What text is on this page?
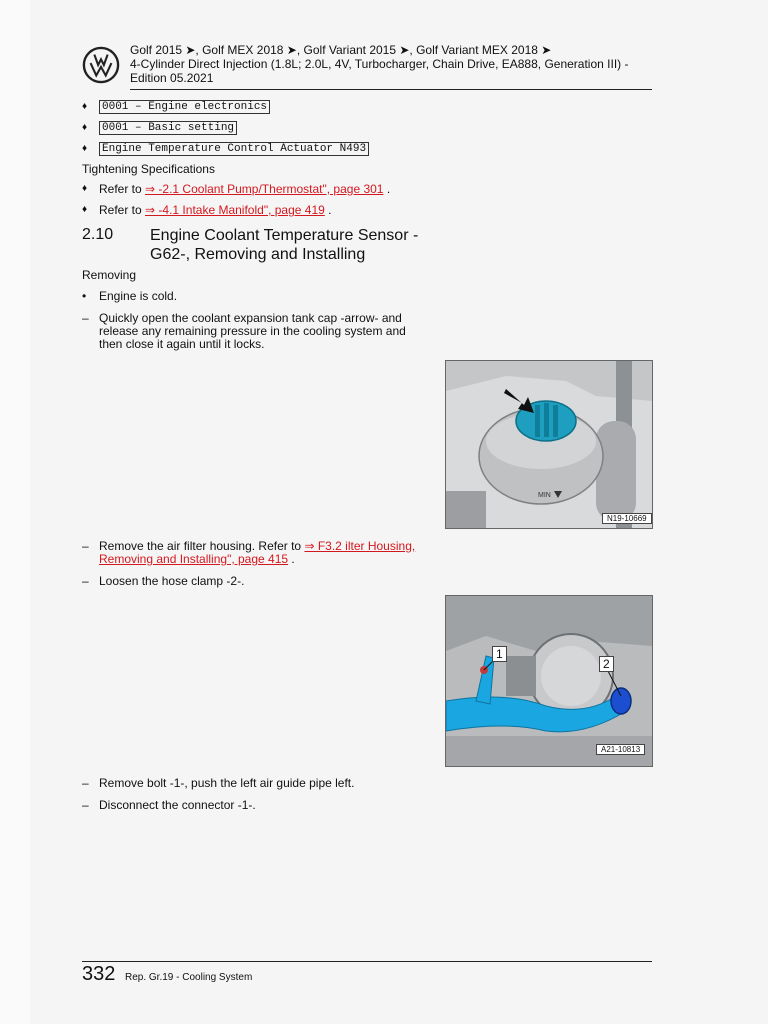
Golf 2015 ➤, Golf MEX 2018 ➤, Golf Variant 2015 ➤, Golf Variant MEX 2018 ➤
4-Cylinder Direct Injection (1.8L; 2.0L, 4V, Turbocharger, Chain Drive, EA888, Generation III) -
Edition 05.2021
♦	0001 – Engine electronics
♦	0001 – Basic setting
♦	Engine Temperature Control Actuator N493
Tightening Specifications
♦ Refer to ⇒ -2.1 Coolant Pump/Thermostat", page 301 .
♦ Refer to ⇒ -4.1 Intake Manifold", page 419 .
2.10 Engine Coolant Temperature Sensor - G62-, Removing and Installing
Removing
•	Engine is cold.
– Quickly open the coolant expansion tank cap -arrow- and release any remaining pressure in the cooling system and then close it again until it locks.
MIN
N19-10669
– Remove the air filter housing. Refer to ⇒ F3.2 ilter Housing, Removing and Installing", page 415 .
– Loosen the hose clamp -2-.
1
2
A21-10813
– Remove bolt -1-, push the left air guide pipe left.
– Disconnect the connector -1-.
332 Rep. Gr.19 - Cooling System
